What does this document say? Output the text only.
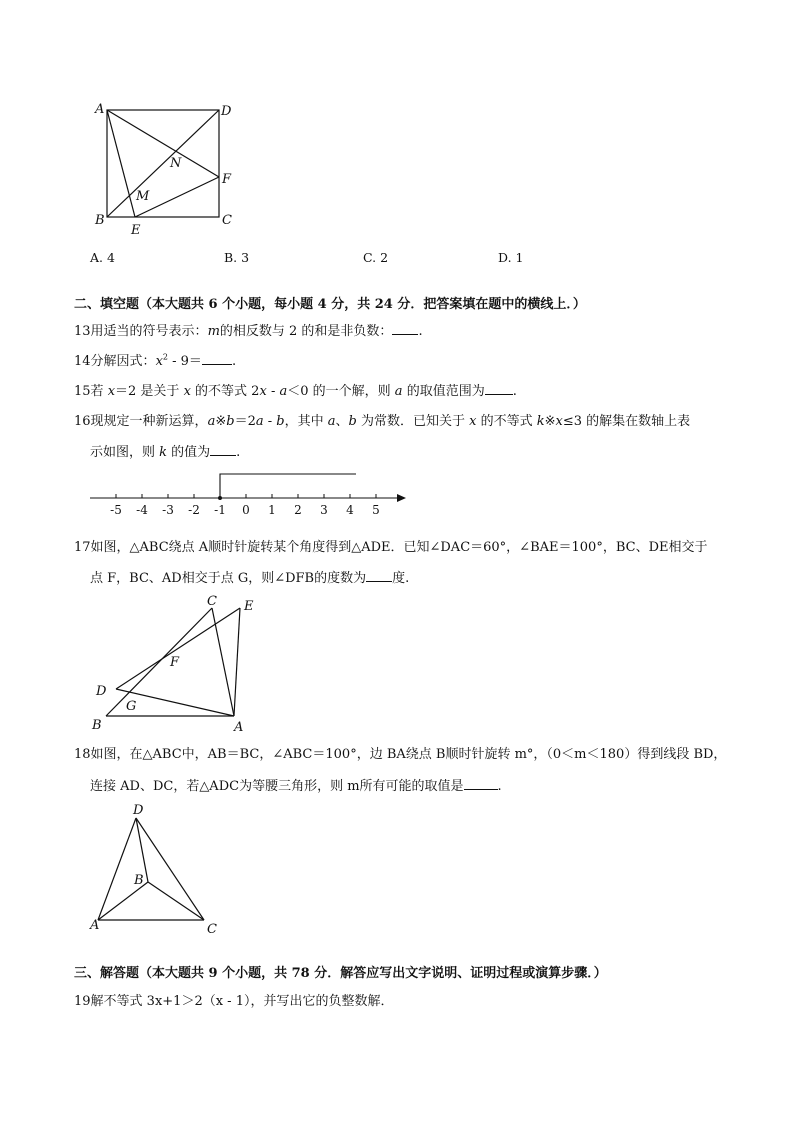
A	D
B	C
E
F
N
M
A. 4	B. 3	C. 2	D. 1
二、填空题（本大题共 6 个小题，每小题 4 分，共 24 分．把答案填在题中的横线上．）
13用适当的符号表示：m的相反数与 2 的和是非负数： .
14分解因式：$x^2 - 9=$ .
15若 x＝2 是关于 x 的不等式 2x - a＜0 的一个解，则 a 的取值范围为 .
16现规定一种新运算，a※b＝2a - b，其中 a、b 为常数．已知关于 x 的不等式 k※x≤3 的解集在数轴上表
示如图，则 k 的值为 .
-5 -4 -3 -2 -1 0 1 2 3 4 5
17如图，△ABC绕点 A顺时针旋转某个角度得到△ADE．已知∠DAC＝60°，∠BAE＝100°，BC、DE相交于
点 F，BC、AD相交于点 G，则∠DFB的度数为 度.
C E
F
D
G
B	A
18如图，在△ABC中，AB＝BC，∠ABC＝100°，边 BA绕点 B顺时针旋转 m°，（0＜m＜180）得到线段 BD，
连接 AD、DC，若△ADC为等腰三角形，则 m所有可能的取值是	.
D
B
A	C
三、解答题（本大题共 9 个小题，共 78 分．解答应写出文字说明、证明过程或演算步骤．）
19解不等式 3x+1＞2（x - 1），并写出它的负整数解．
